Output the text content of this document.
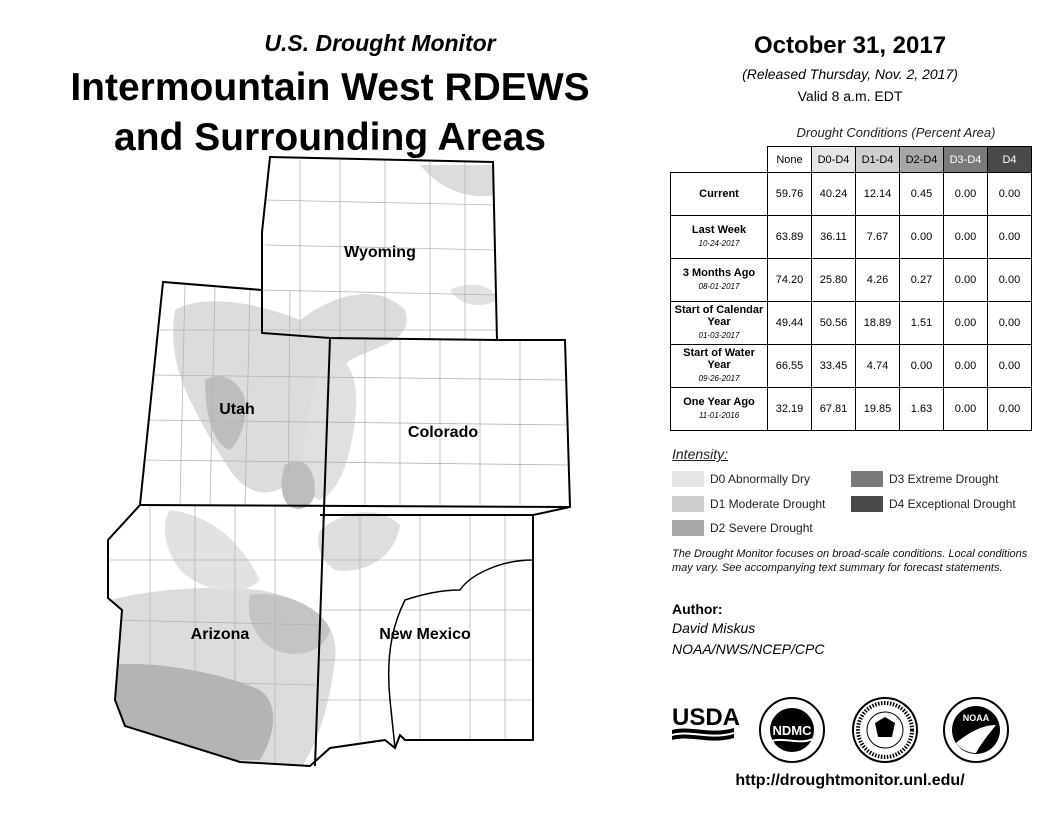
U.S. Drought Monitor
Intermountain West RDEWS
and Surrounding Areas
Wyoming
Utah
Colorado
Arizona	New Mexico
October 31, 2017
(Released Thursday, Nov. 2, 2017)
Valid 8 a.m. EDT
Drought Conditions (Percent Area)
	None	D0-D4	D1-D4	D2-D4	D3-D4	D4
Current	59.76	40.24	12.14	0.45	0.00	0.00
Last Week
10-24-2017	63.89	36.11	7.67	0.00	0.00	0.00
3 Months Ago
08-01-2017	74.20	25.80	4.26	0.27	0.00	0.00
Start of Calendar Year
01-03-2017	49.44	50.56	18.89	1.51	0.00	0.00
Start of Water Year
09-26-2017	66.55	33.45	4.74	0.00	0.00	0.00
One Year Ago
11-01-2016	32.19	67.81	19.85	1.63	0.00	0.00
Intensity:
D0 Abnormally Dry
D1 Moderate Drought
D2 Severe Drought
D3 Extreme Drought
D4 Exceptional Drought
The Drought Monitor focuses on broad-scale conditions. Local conditions may vary. See accompanying text summary for forecast statements.
Author:
David Miskus
NOAA/NWS/NCEP/CPC
USDA NDMC
NOAA
http://droughtmonitor.unl.edu/
